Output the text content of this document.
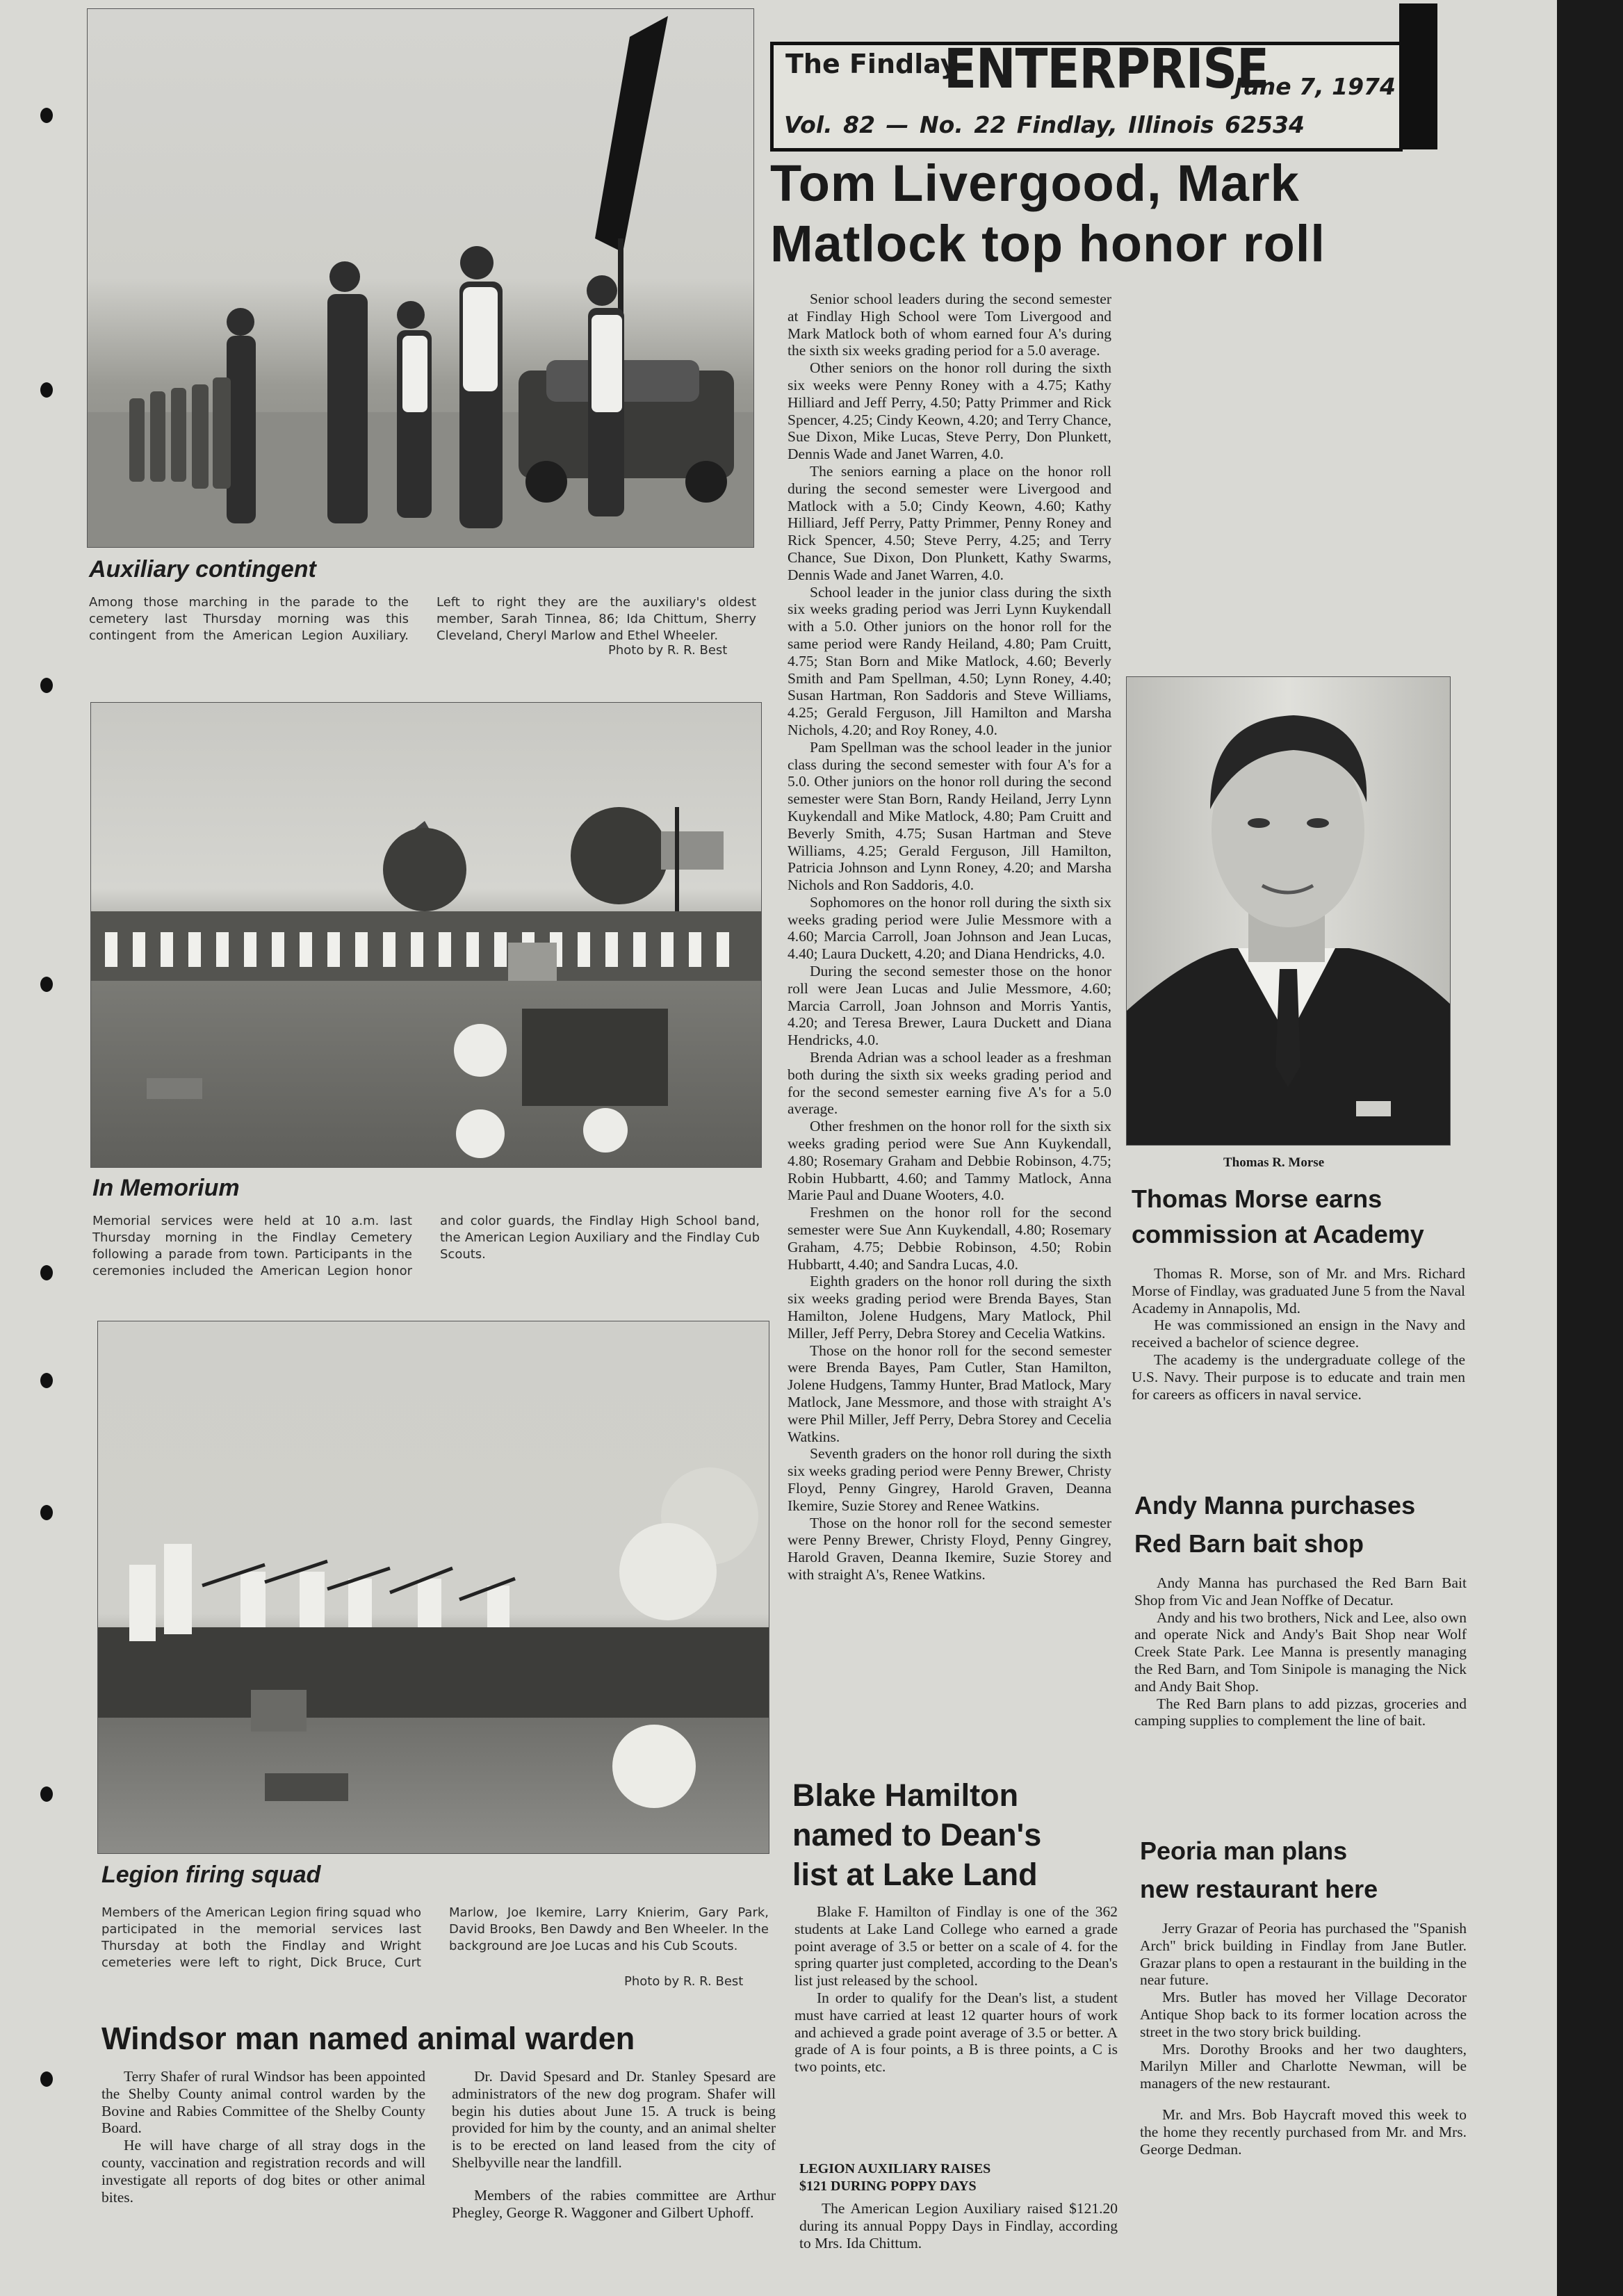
The Findlay
ENTERPRISE
June 7, 1974
Vol. 82 — No. 22 Findlay, Illinois 62534
Tom Livergood, Mark
Matlock top honor roll
Auxiliary contingent
Among those marching in the parade to the cemetery last Thursday morning was this contingent from the American Legion Auxiliary. Left to right they are the auxiliary's oldest member, Sarah Tinnea, 86; Ida Chittum, Sherry Cleveland, Cheryl Marlow and Ethel Wheeler.
Photo by R. R. Best
In Memorium
Memorial services were held at 10 a.m. last Thursday morning in the Findlay Cemetery following a parade from town. Participants in the ceremonies included the American Legion honor and color guards, the Findlay High School band, the American Legion Auxiliary and the Findlay Cub Scouts.
Legion firing squad
Members of the American Legion firing squad who participated in the memorial services last Thursday at both the Findlay and Wright cemeteries were left to right, Dick Bruce, Curt Marlow, Joe Ikemire, Larry Knierim, Gary Park, David Brooks, Ben Dawdy and Ben Wheeler. In the background are Joe Lucas and his Cub Scouts.
Photo by R. R. Best
Windsor man named animal warden

Terry Shafer of rural Windsor has been appointed the Shelby County animal control warden by the Bovine and Rabies Committee of the Shelby County Board.

He will have charge of all stray dogs in the county, vaccination and registration records and will investigate all reports of dog bites or other animal bites.

Dr. David Spesard and Dr. Stanley Spesard are administrators of the new dog program. Shafer will begin his duties about June 15. A truck is being provided for him by the county, and an animal shelter is to be erected on land leased from the city of Shelbyville near the landfill.

Members of the rabies committee are Arthur Phegley, George R. Waggoner and Gilbert Uphoff.

Senior school leaders during the second semester at Findlay High School were Tom Livergood and Mark Matlock both of whom earned four A's during the sixth six weeks grading period for a 5.0 average.

Other seniors on the honor roll during the sixth six weeks were Penny Roney with a 4.75; Kathy Hilliard and Jeff Perry, 4.50; Patty Primmer and Rick Spencer, 4.25; Cindy Keown, 4.20; and Terry Chance, Sue Dixon, Mike Lucas, Steve Perry, Don Plunkett, Dennis Wade and Janet Warren, 4.0.

The seniors earning a place on the honor roll during the second semester were Livergood and Matlock with a 5.0; Cindy Keown, 4.60; Kathy Hilliard, Jeff Perry, Patty Primmer, Penny Roney and Rick Spencer, 4.50; Steve Perry, 4.25; and Terry Chance, Sue Dixon, Don Plunkett, Kathy Swarms, Dennis Wade and Janet Warren, 4.0.

School leader in the junior class during the sixth six weeks grading period was Jerri Lynn Kuykendall with a 5.0. Other juniors on the honor roll for the same period were Randy Heiland, 4.80; Pam Cruitt, 4.75; Stan Born and Mike Matlock, 4.60; Beverly Smith and Pam Spellman, 4.50; Lynn Roney, 4.40; Susan Hartman, Ron Saddoris and Steve Williams, 4.25; Gerald Ferguson, Jill Hamilton and Marsha Nichols, 4.20; and Roy Roney, 4.0.

Pam Spellman was the school leader in the junior class during the second semester with four A's for a 5.0. Other juniors on the honor roll during the second semester were Stan Born, Randy Heiland, Jerry Lynn Kuykendall and Mike Matlock, 4.80; Pam Cruitt and Beverly Smith, 4.75; Susan Hartman and Steve Williams, 4.25; Gerald Ferguson, Jill Hamilton, Patricia Johnson and Lynn Roney, 4.20; and Marsha Nichols and Ron Saddoris, 4.0.

Sophomores on the honor roll during the sixth six weeks grading period were Julie Messmore with a 4.60; Marcia Carroll, Joan Johnson and Jean Lucas, 4.40; Laura Duckett, 4.20; and Diana Hendricks, 4.0.

During the second semester those on the honor roll were Jean Lucas and Julie Messmore, 4.60; Marcia Carroll, Joan Johnson and Morris Yantis, 4.20; and Teresa Brewer, Laura Duckett and Diana Hendricks, 4.0.

Brenda Adrian was a school leader as a freshman both during the sixth six weeks grading period and for the second semester earning five A's for a 5.0 average.

Other freshmen on the honor roll for the sixth six weeks grading period were Sue Ann Kuykendall, 4.80; Rosemary Graham and Debbie Robinson, 4.75; Robin Hubbartt, 4.60; and Tammy Matlock, Anna Marie Paul and Duane Wooters, 4.0.

Freshmen on the honor roll for the second semester were Sue Ann Kuykendall, 4.80; Rosemary Graham, 4.75; Debbie Robinson, 4.50; Robin Hubbartt, 4.40; and Sandra Lucas, 4.0.

Eighth graders on the honor roll during the sixth six weeks grading period were Brenda Bayes, Stan Hamilton, Jolene Hudgens, Mary Matlock, Phil Miller, Jeff Perry, Debra Storey and Cecelia Watkins.

Those on the honor roll for the second semester were Brenda Bayes, Pam Cutler, Stan Hamilton, Jolene Hudgens, Tammy Hunter, Brad Matlock, Mary Matlock, Jane Messmore, and those with straight A's were Phil Miller, Jeff Perry, Debra Storey and Cecelia Watkins.

Seventh graders on the honor roll during the sixth six weeks grading period were Penny Brewer, Christy Floyd, Penny Gingrey, Harold Graven, Deanna Ikemire, Suzie Storey and Renee Watkins.

Those on the honor roll for the second semester were Penny Brewer, Christy Floyd, Penny Gingrey, Harold Graven, Deanna Ikemire, Suzie Storey and with straight A's, Renee Watkins.

Thomas R. Morse
Thomas Morse earns
commission at Academy

Thomas R. Morse, son of Mr. and Mrs. Richard Morse of Findlay, was graduated June 5 from the Naval Academy in Annapolis, Md.

He was commissioned an ensign in the Navy and received a bachelor of science degree.

The academy is the undergraduate college of the U.S. Navy. Their purpose is to educate and train men for careers as officers in naval service.

Andy Manna purchases
Red Barn bait shop

Andy Manna has purchased the Red Barn Bait Shop from Vic and Jean Noffke of Decatur.

Andy and his two brothers, Nick and Lee, also own and operate Nick and Andy's Bait Shop near Wolf Creek State Park. Lee Manna is presently managing the Red Barn, and Tom Sinipole is managing the Nick and Andy Bait Shop.

The Red Barn plans to add pizzas, groceries and camping supplies to complement the line of bait.

Peoria man plans
new restaurant here

Jerry Grazar of Peoria has purchased the "Spanish Arch" brick building in Findlay from Jane Butler. Grazar plans to open a restaurant in the building in the near future.

Mrs. Butler has moved her Village Decorator Antique Shop back to its former location across the street in the two story brick building.

Mrs. Dorothy Brooks and her two daughters, Marilyn Miller and Charlotte Newman, will be managers of the new restaurant.

Mr. and Mrs. Bob Haycraft moved this week to the home they recently purchased from Mr. and Mrs. George Dedman.

Blake Hamilton
named to Dean's
list at Lake Land

Blake F. Hamilton of Findlay is one of the 362 students at Lake Land College who earned a grade point average of 3.5 or better on a scale of 4. for the spring quarter just completed, according to the Dean's list just released by the school.

In order to qualify for the Dean's list, a student must have carried at least 12 quarter hours of work and achieved a grade point average of 3.5 or better. A grade of A is four points, a B is three points, a C is two points, etc.

LEGION AUXILIARY RAISES
$121 DURING POPPY DAYS

The American Legion Auxiliary raised $121.20 during its annual Poppy Days in Findlay, according to Mrs. Ida Chittum.
